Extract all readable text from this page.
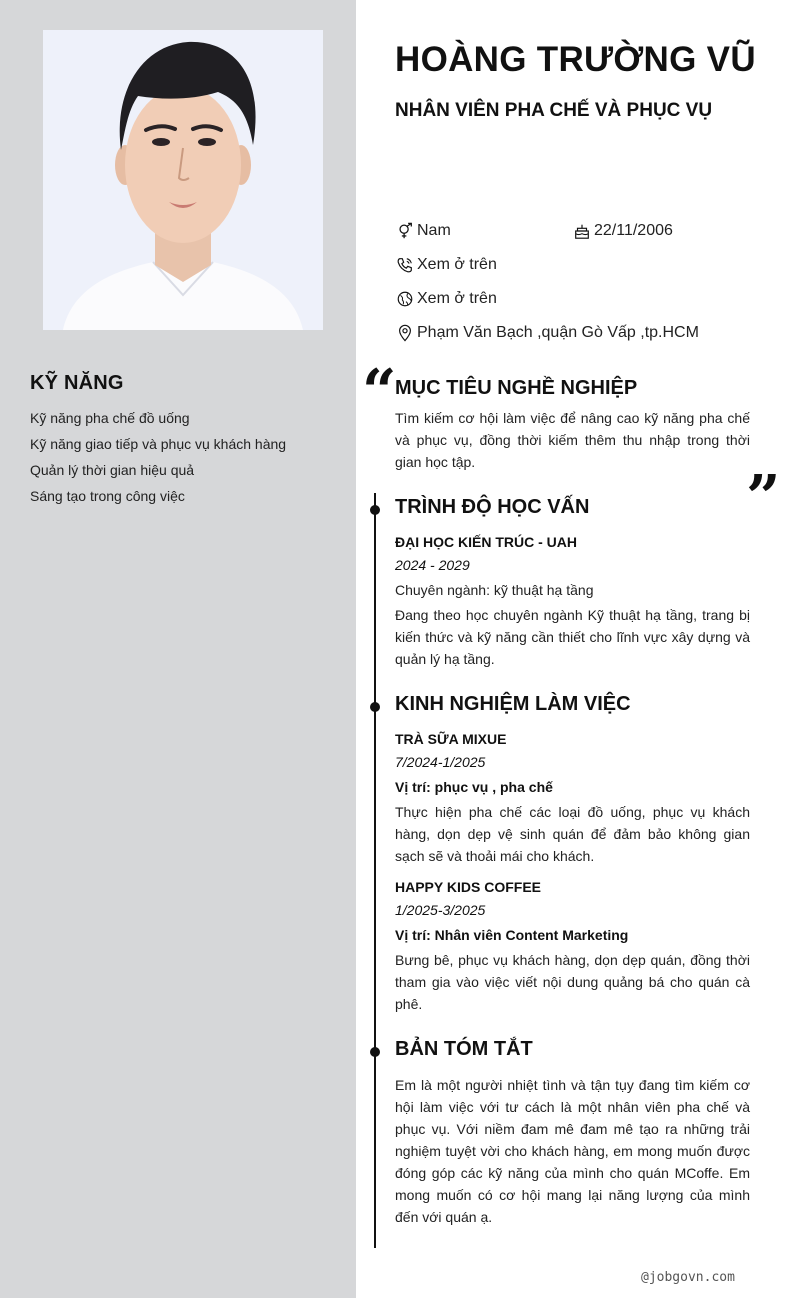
KỸ NĂNG
Kỹ năng pha chế đồ uống
Kỹ năng giao tiếp và phục vụ khách hàng
Quản lý thời gian hiệu quả
Sáng tạo trong công việc
HOÀNG TRƯỜNG VŨ
NHÂN VIÊN PHA CHẾ VÀ PHỤC VỤ
Nam	22/11/2006
Xem ở trên
Xem ở trên
Phạm Văn Bạch ,quận Gò Vấp ,tp.HCM
“
MỤC TIÊU NGHỀ NGHIỆP
Tìm kiếm cơ hội làm việc để nâng cao kỹ năng pha chế và phục vụ, đồng thời kiếm thêm thu nhập trong thời gian học tập.
”
TRÌNH ĐỘ HỌC VẤN
ĐẠI HỌC KIẾN TRÚC - UAH
2024 - 2029
Chuyên ngành: kỹ thuật hạ tầng
Đang theo học chuyên ngành Kỹ thuật hạ tầng, trang bị kiến thức và kỹ năng cần thiết cho lĩnh vực xây dựng và quản lý hạ tầng.
KINH NGHIỆM LÀM VIỆC
TRÀ SỮA MIXUE
7/2024-1/2025
Vị trí: phục vụ , pha chế
Thực hiện pha chế các loại đồ uống, phục vụ khách hàng, dọn dẹp vệ sinh quán để đảm bảo không gian sạch sẽ và thoải mái cho khách.
HAPPY KIDS COFFEE
1/2025-3/2025
Vị trí: Nhân viên Content Marketing
Bưng bê, phục vụ khách hàng, dọn dẹp quán, đồng thời tham gia vào việc viết nội dung quảng bá cho quán cà phê.
BẢN TÓM TẮT
Em là một người nhiệt tình và tận tụy đang tìm kiếm cơ hội làm việc với tư cách là một nhân viên pha chế và phục vụ. Với niềm đam mê đam mê tạo ra những trải nghiệm tuyệt vời cho khách hàng, em mong muốn được đóng góp các kỹ năng của mình cho quán MCoffe. Em mong muốn có cơ hội mang lại năng lượng của mình đến với quán ạ.
@jobgovn.com
